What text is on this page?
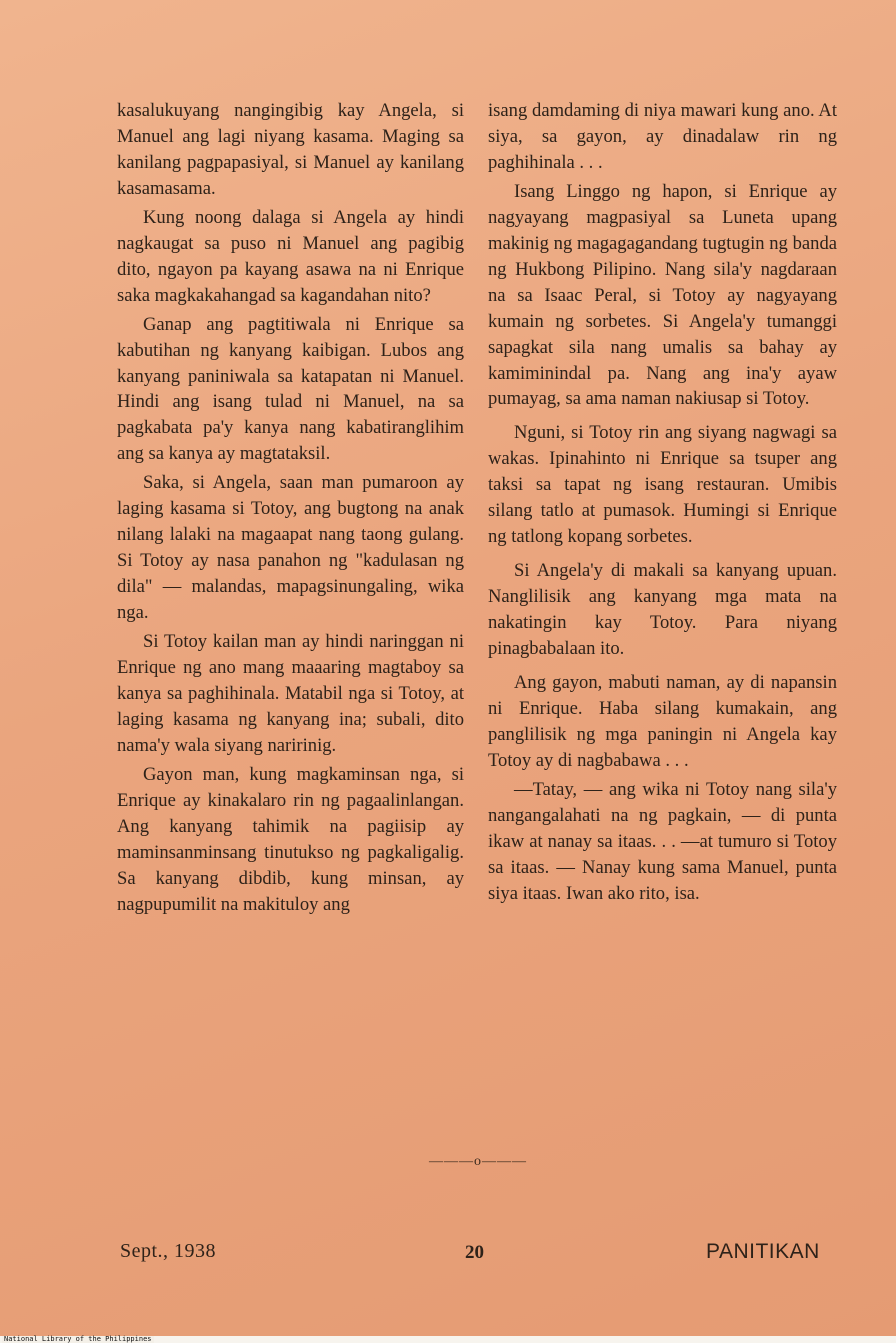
kasalukuyang nangingibig kay Angela, si Manuel ang lagi niyang kasama. Maging sa kanilang pagpapasiyal, si Manuel ay kanilang kasamasama.

Kung noong dalaga si Angela ay hindi nagkaugat sa puso ni Manuel ang pagibig dito, ngayon pa kayang asawa na ni Enrique saka magkakahangad sa kagandahan nito?

Ganap ang pagtitiwala ni Enrique sa kabutihan ng kanyang kaibigan. Lubos ang kanyang paniniwala sa katapatan ni Manuel. Hindi ang isang tulad ni Manuel, na sa pagkabata pa'y kanya nang kabatiranglihim ang sa kanya ay magtataksil.

Saka, si Angela, saan man pumaroon ay laging kasama si Totoy, ang bugtong na anak nilang lalaki na magaapat nang taong gulang. Si Totoy ay nasa panahon ng "kadulasan ng dila" — malandas, mapagsinungaling, wika nga.

Si Totoy kailan man ay hindi naringgan ni Enrique ng ano mang maaaring magtaboy sa kanya sa paghihinala. Matabil nga si Totoy, at laging kasama ng kanyang ina; subali, dito nama'y wala siyang naririnig.

Gayon man, kung magkaminsan nga, si Enrique ay kinakalaro rin ng pagaalinlangan. Ang kanyang tahimik na pagiisip ay maminsanminsang tinutukso ng pagkaligalig. Sa kanyang dibdib, kung minsan, ay nagpupumilit na makituloy ang

isang damdaming di niya mawari kung ano. At siya, sa gayon, ay dinadalaw rin ng paghihinala . . .

Isang Linggo ng hapon, si Enrique ay nagyayang magpasiyal sa Luneta upang makinig ng magagagandang tugtugin ng banda ng Hukbong Pilipino. Nang sila'y nagdaraan na sa Isaac Peral, si Totoy ay nagyayang kumain ng sorbetes. Si Angela'y tumanggi sapagkat sila nang umalis sa bahay ay kamiminindal pa. Nang ang ina'y ayaw pumayag, sa ama naman nakiusap si Totoy.

Nguni, si Totoy rin ang siyang nagwagi sa wakas. Ipinahinto ni Enrique sa tsuper ang taksi sa tapat ng isang restauran. Umibis silang tatlo at pumasok. Humingi si Enrique ng tatlong kopang sorbetes.

Si Angela'y di makali sa kanyang upuan. Nanglilisik ang kanyang mga mata na nakatingin kay Totoy. Para niyang pinagbabalaan ito.

Ang gayon, mabuti naman, ay di napansin ni Enrique. Haba silang kumakain, ang panglilisik ng mga paningin ni Angela kay Totoy ay di nagbabawa . . .

—Tatay, — ang wika ni Totoy nang sila'y nangangalahati na ng pagkain, — di punta ikaw at nanay sa itaas. . . —at tumuro si Totoy sa itaas. — Nanay kung sama Manuel, punta siya itaas. Iwan ako rito, isa.

———o———
Sept., 1938	20	PANITIKAN
National Library of the Philippines
